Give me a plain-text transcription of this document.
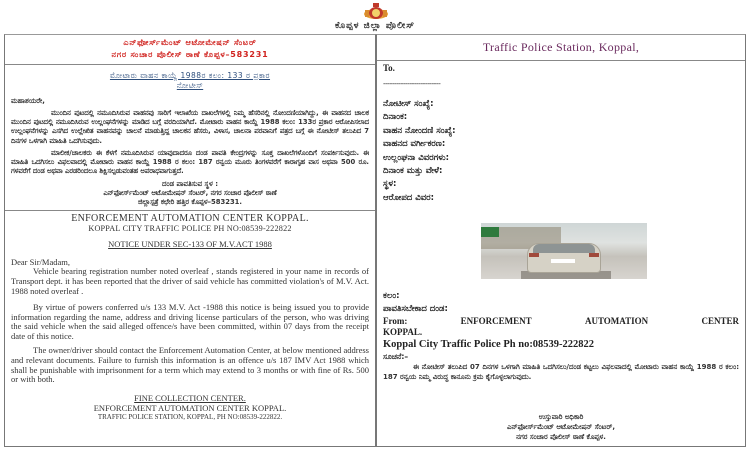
ಕೊಪ್ಪಳ ಜಿಲ್ಲಾ ಪೊಲೀಸ್
ಎನ್‌ಫೋರ್ಸ್‌ಮೆಂಟ್ ಆಟೋಮೇಷನ್ ಸೆಂಟರ್
ನಗರ ಸಂಚಾರ ಪೊಲೀಸ್ ಠಾಣೆ ಕೊಪ್ಪಳ–583231
ಮೋಟಾರು ವಾಹನ ಕಾಯ್ದೆ 1988ರ ಕಲಂ: 133 ರ ಪ್ರಕಾರ
ನೋಟೀಸ್
ಮಹಾಶಯರೇ,
ಮುಂದಿನ ಪುಟದಲ್ಲಿ ನಮೂದಿಸಿರುವ ವಾಹನವು ಸಾರಿಗೆ ಇಲಾಖೆಯ ದಾಖಲೆಗಳಲ್ಲಿ ನಿಮ್ಮ ಹೆಸರಿನಲ್ಲಿ ನೋಂದಣಿಯಾಗಿದ್ದು, ಈ ವಾಹನದ ಚಾಲಕ ಮುಂದಿನ ಪುಟದಲ್ಲಿ ನಮೂದಿಸಿರುವ ಉಲ್ಲಂಘನೆಗಳನ್ನು ಮಾಡಿದ ಬಗ್ಗೆ ವರದಿಯಾಗಿದೆ. ಮೋಟಾರು ವಾಹನ ಕಾಯ್ದೆ 1988 ಕಲಂ: 133ರ ಪ್ರಕಾರ ಆರೋಪಿಸಲಾದ ಉಲ್ಲಂಘನೆಗಳನ್ನು ಎಸಗಿದ ಉಲ್ಲೇಖಿತ ವಾಹನವನ್ನು ಚಾಲನೆ ಮಾಡುತ್ತಿದ್ದ ಚಾಲಕನ ಹೆಸರು, ವಿಳಾಸ, ಚಾಲನಾ ಪರವಾನಿಗೆ ಪತ್ರದ ಬಗ್ಗೆ ಈ ನೋಟೀಸ್ ತಲುಪಿದ 7 ದಿನಗಳ ಒಳಗಾಗಿ ಮಾಹಿತಿ ಒದಗಿಸುವುದು.
ಮಾಲೀಕ/ಚಾಲಕರು ಈ ಕೆಳಗೆ ನಮೂದಿಸಿರುವ ಯಾವುದಾದರೂ ದಂಡ ಪಾವತಿ ಕೇಂದ್ರಗಳನ್ನು ಸೂಕ್ತ ದಾಖಲೆಗಳೊಂದಿಗೆ ಸಂಪರ್ಕಿಸುವುದು. ಈ ಮಾಹಿತಿ ಒದಗಿಸಲು ವಿಫಲವಾದಲ್ಲಿ ಮೋಟಾರು ವಾಹನ ಕಾಯ್ದೆ 1988 ರ ಕಲಂ: 187 ರನ್ವಯ ಮೂರು ತಿಂಗಳವರೆಗೆ ಕಾರಾಗೃಹ ವಾಸ ಅಥವಾ 500 ರೂ. ಗಳವರೆಗೆ ದಂಡ ಅಥವಾ ಎರಡರಿಂದಲೂ ಶಿಕ್ಷಿಸಲ್ಪಡುವಂತಹ ಅಪರಾಧವಾಗುತ್ತದೆ.
ದಂಡ ಪಾವತಿಸುವ ಸ್ಥಳ :
ಎನ್‌ಫೋರ್ಸ್‌ಮೆಂಟ್ ಆಟೋಮೇಷನ್ ಸೆಂಟರ್, ನಗರ ಸಂಚಾರ ಪೊಲೀಸ್ ಠಾಣೆ
ಜಿಲ್ಲಾಸ್ಪತ್ರೆ ಕಛೇರಿ ಹತ್ತಿರ ಕೊಪ್ಪಳ–583231.
ENFORCEMENT AUTOMATION CENTER KOPPAL.
KOPPAL CITY TRAFFIC POLICE PH NO:08539-222822
NOTICE UNDER SEC-133 OF M.V.ACT 1988
Dear Sir/Madam,
Vehicle bearing registration number noted overleaf , stands registered in your name in records of Transport dept. it has been reported that the driver of said vehicle has committed violation's of M.V. Act. 1988 noted overleaf .
By virtue of powers conferred u/s 133 M.V. Act -1988 this notice is being issued you to provide information regarding the name, address and driving license particulars of the person, who was driving the said vehicle when the said alleged offence/s have been committed, within 07 days from the receipt date of this notice.
The owner/driver should contact the Enforcement Automation Center, at below mentioned address and relevant documents. Failure to furnish this information is an offence u/s 187 IMV Act 1988 which shall be punishable with imprisonment for a term which may extend to 3 months or with fine of Rs. 500 or with both.
FINE COLLECTION CENTER.
ENFORCEMENT AUTOMATION CENTER KOPPAL.
TRAFFIC POLICE STATION, KOPPAL, PH NO:08539-222822.
Traffic Police Station, Koppal,
To.
--------------------------
ನೋಟೀಸ್ ಸಂಖ್ಯೆ:
ದಿನಾಂಕ:
ವಾಹನ ನೋಂದಣಿ ಸಂಖ್ಯೆ:
ವಾಹನದ ವರ್ಗೀಕರಣ:
ಉಲ್ಲಂಘನಾ ವಿವರಗಳು:
ದಿನಾಂಕ ಮತ್ತು ವೇಳೆ:
ಸ್ಥಳ:
ಆರೋಪದ ವಿವರ:
ಕಲಂ:
ಪಾವತಿಸಬೇಕಾದ ದಂಡ:
From:	ENFORCEMENT	AUTOMATION	CENTER
KOPPAL.
Koppal City Traffic Police Ph no:08539-222822
ಸೂಚನೆ:–
ಈ ನೋಟೀಸ್ ತಲುಪಿದ 07 ದಿನಗಳ ಒಳಗಾಗಿ ಮಾಹಿತಿ ಒದಗಿಸಲು/ದಂಡ ಕಟ್ಟಲು ವಿಫಲವಾದಲ್ಲಿ ಮೋಟಾರು ವಾಹನ ಕಾಯ್ದೆ 1988 ರ ಕಲಂ: 187 ರನ್ವಯ ನಿಮ್ಮ ವಿರುದ್ಧ ಕಾನೂನು ಕ್ರಮ ಕೈಗೊಳ್ಳಲಾಗುವುದು.
ಉಸ್ತುವಾರಿ ಅಧಿಕಾರಿ
ಎನ್‌ಫೋರ್ಸ್‌ಮೆಂಟ್ ಆಟೋಮೇಷನ್ ಸೆಂಟರ್,
ನಗರ ಸಂಚಾರ ಪೊಲೀಸ್ ಠಾಣೆ ಕೊಪ್ಪಳ.
